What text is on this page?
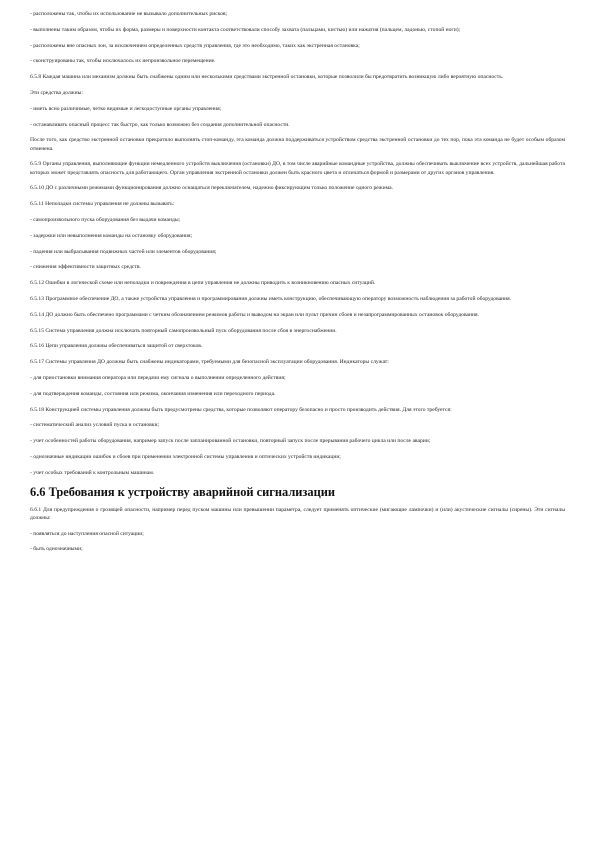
- расположены так, чтобы их использование не вызывало дополнительных рисков;
- выполнены таким образом, чтобы их форма, размеры и поверхности контакта соответствовали способу захвата (пальцами, кистью) или нажатия (пальцем, ладонью, стопой ноги);
- расположены вне опасных зон, за исключением определенных средств управления, где это необходимо, таких как экстренная остановка;
- сконструированы так, чтобы исключалось их непроизвольное перемещение.
6.5.8 Каждая машина или механизм должны быть снабжены одним или несколькими средствами экстренной остановки, которые позволили бы предотвратить возникшую либо вероятную опасность.
Эти средства должны:
- иметь ясно различимые, четко видимые и легкодоступные органы управления;
- останавливать опасный процесс так быстро, как только возможно без создания дополнительной опасности.
После того, как средство экстренной остановки прекратило выполнять стоп-команду, эта команда должна поддерживаться устройством средства экстренной остановки до тех пор, пока эта команда не будет особым образом отменена.
6.5.9 Органы управления, выполняющие функции немедленного устройств выключения (остановки) ДО, в том числе аварийные командные устройства, должны обеспечивать выключение всех устройств, дальнейшая работа которых может представлять опасность для работающего. Орган управления экстренной остановки должен быть красного цвета и отличаться формой и размерами от других органов управления.
6.5.10 ДО с различными режимами функционирования должно оснащаться переключателем, надежно фиксирующим только положение одного режима.
6.5.11 Неполадки системы управления не должны вызывать:
- самопроизвольного пуска оборудования без выдачи команды;
- задержки или невыполнения команды на остановку оборудования;
- падения или выбрасывания подвижных частей или элементов оборудования;
- снижения эффективности защитных средств.
6.5.12 Ошибки в логической схеме или неполадки и повреждения в цепи управления не должны приводить к возникновению опасных ситуаций.
6.5.13 Программное обеспечение ДО, а также устройства управления и программирования должны иметь конструкцию, обеспечивающую оператору возможность наблюдения за работой оборудования.
6.5.14 ДО должно быть обеспечено программами с четким обозначением режимов работы и выводом на экран или пульт причин сбоев и незапрограммированных остановок оборудования.
6.5.15 Система управления должна исключать повторный самопроизвольный пуск оборудования после сбоя в энергоснабжении.
6.5.16 Цепи управления должны обеспечиваться защитой от сверхтоков.
6.5.17 Системы управления ДО должны быть снабжены индикаторами, требуемыми для безопасной эксплуатации оборудования. Индикаторы служат:
- для приостановки внимания оператора или передачи ему сигнала о выполнении определенного действия;
- для подтверждения команды, состояния или режима, окончания изменения или переходного периода.
6.5.18 Конструкцией системы управления должны быть предусмотрены средства, которые позволяют оператору безопасно и просто производить действия. Для этого требуется:
- систематический анализ условий пуска и остановки;
- учет особенностей работы оборудования, например запуск после запланированной остановки, повторный запуск после прерывания рабочего цикла или после аварии;
- однозначные индикации ошибок и сбоев при применении электронной системы управления и оптических устройств индикации;
- учет особых требований к контрольным машинам.
6.6 Требования к устройству аварийной сигнализации
6.6.1 Для предупреждения о грозящей опасности, например перед пуском машины или превышении параметра, следует применять оптические (мигающие лампочки) и (или) акустические сигналы (сирены). Эти сигналы должны:
- появляться до наступления опасной ситуации;
- быть однозначными;
